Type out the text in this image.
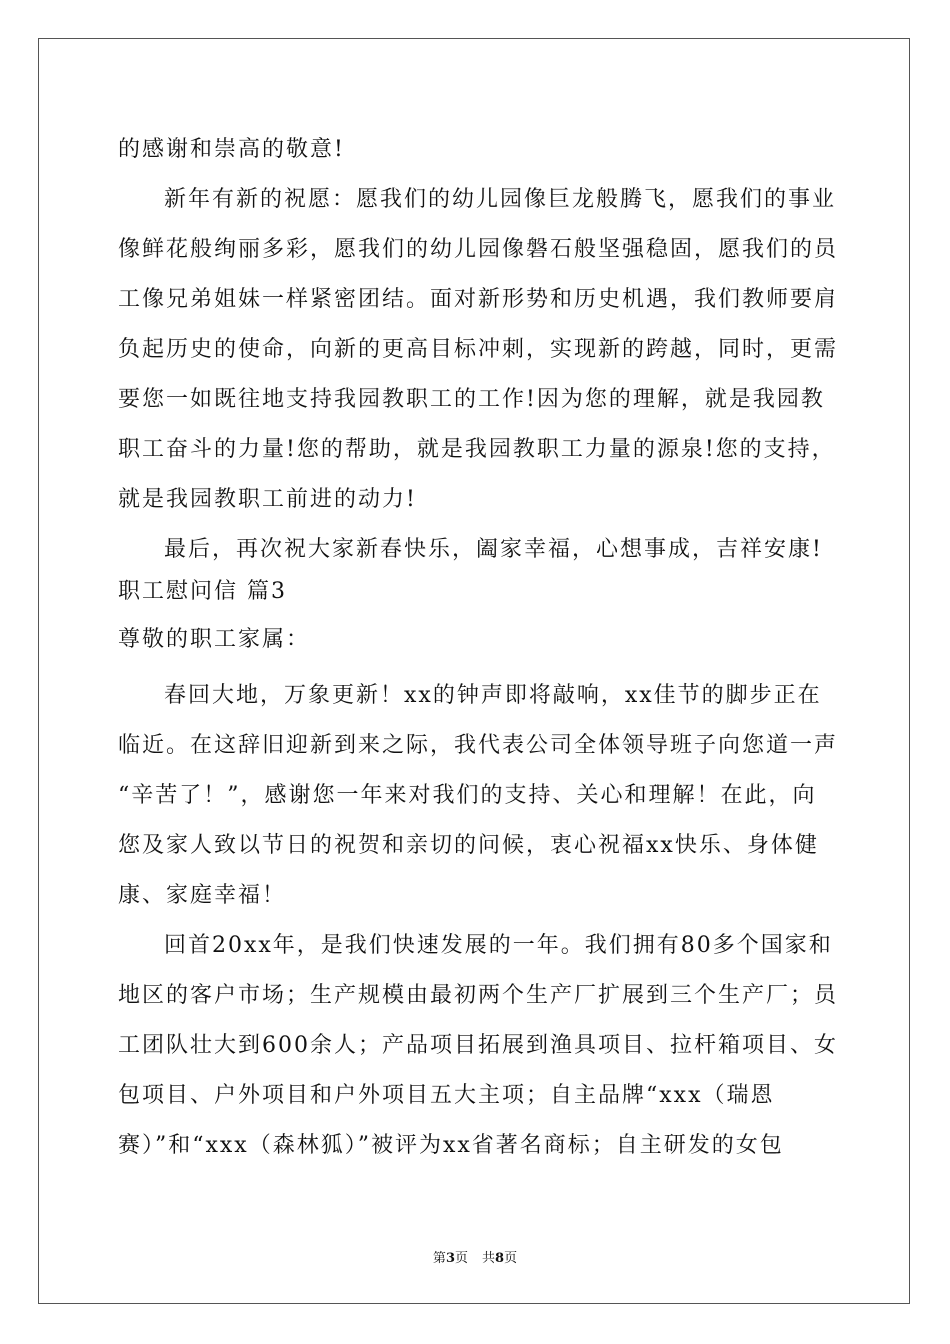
的感谢和崇高的敬意!
新年有新的祝愿：愿我们的幼儿园像巨龙般腾飞，愿我们的事业
像鲜花般绚丽多彩，愿我们的幼儿园像磐石般坚强稳固，愿我们的员
工像兄弟姐妹一样紧密团结。面对新形势和历史机遇，我们教师要肩
负起历史的使命，向新的更高目标冲刺，实现新的跨越，同时，更需
要您一如既往地支持我园教职工的工作!因为您的理解，就是我园教
职工奋斗的力量!您的帮助，就是我园教职工力量的源泉!您的支持，
就是我园教职工前进的动力!
最后，再次祝大家新春快乐，阖家幸福，心想事成，吉祥安康!
职工慰问信 篇3
尊敬的职工家属：
春回大地，万象更新！xx的钟声即将敲响，xx佳节的脚步正在
临近。在这辞旧迎新到来之际，我代表公司全体领导班子向您道一声
“辛苦了！”，感谢您一年来对我们的支持、关心和理解！在此，向
您及家人致以节日的祝贺和亲切的问候，衷心祝福xx快乐、身体健
康、家庭幸福！
回首20xx年，是我们快速发展的一年。我们拥有80多个国家和
地区的客户市场；生产规模由最初两个生产厂扩展到三个生产厂；员
工团队壮大到600余人；产品项目拓展到渔具项目、拉杆箱项目、女
包项目、户外项目和户外项目五大主项；自主品牌“xxx（瑞恩
赛）”和“xxx（森林狐）”被评为xx省著名商标；自主研发的女包
第3页 共8页
